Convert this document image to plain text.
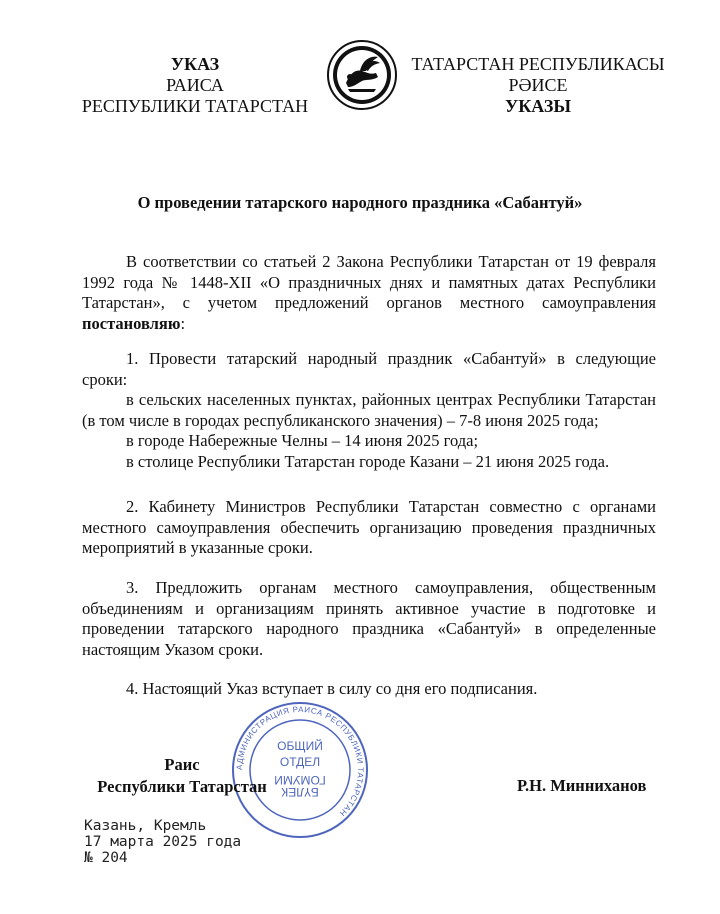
УКАЗ
РАИСА
РЕСПУБЛИКИ ТАТАРСТАН
ТАТАРСТАН РЕСПУБЛИКАСЫ
РӘИСЕ
УКАЗЫ
О проведении татарского народного праздника «Сабантуй»

В соответствии со статьей 2 Закона Республики Татарстан от 19 февраля 1992 года № 1448-XII «О праздничных днях и памятных датах Республики Татарстан», с учетом предложений органов местного самоуправления постановляю:

1. Провести татарский народный праздник «Сабантуй» в следующие сроки:

в сельских населенных пунктах, районных центрах Республики Татарстан (в том числе в городах республиканского значения) – 7-8 июня 2025 года;

в городе Набережные Челны – 14 июня 2025 года;

в столице Республики Татарстан городе Казани – 21 июня 2025 года.

2. Кабинету Министров Республики Татарстан совместно с органами местного самоуправления обеспечить организацию проведения праздничных мероприятий в указанные сроки.

3. Предложить органам местного самоуправления, общественным объединениям и организациям принять активное участие в подготовке и проведении татарского народного праздника «Сабантуй» в определенные настоящим Указом сроки.

4. Настоящий Указ вступает в силу со дня его подписания.

АДМИНИСТРАЦИЯ РАИСА РЕСПУБЛИКИ ТАТАРСТАН
ОБЩИЙ
ОТДЕЛ
ГОМУМИ
БҮЛЕК
Раис
Республики Татарстан	Р.Н. Минниханов
Казань, Кремль
17 марта 2025 года
№ 204
